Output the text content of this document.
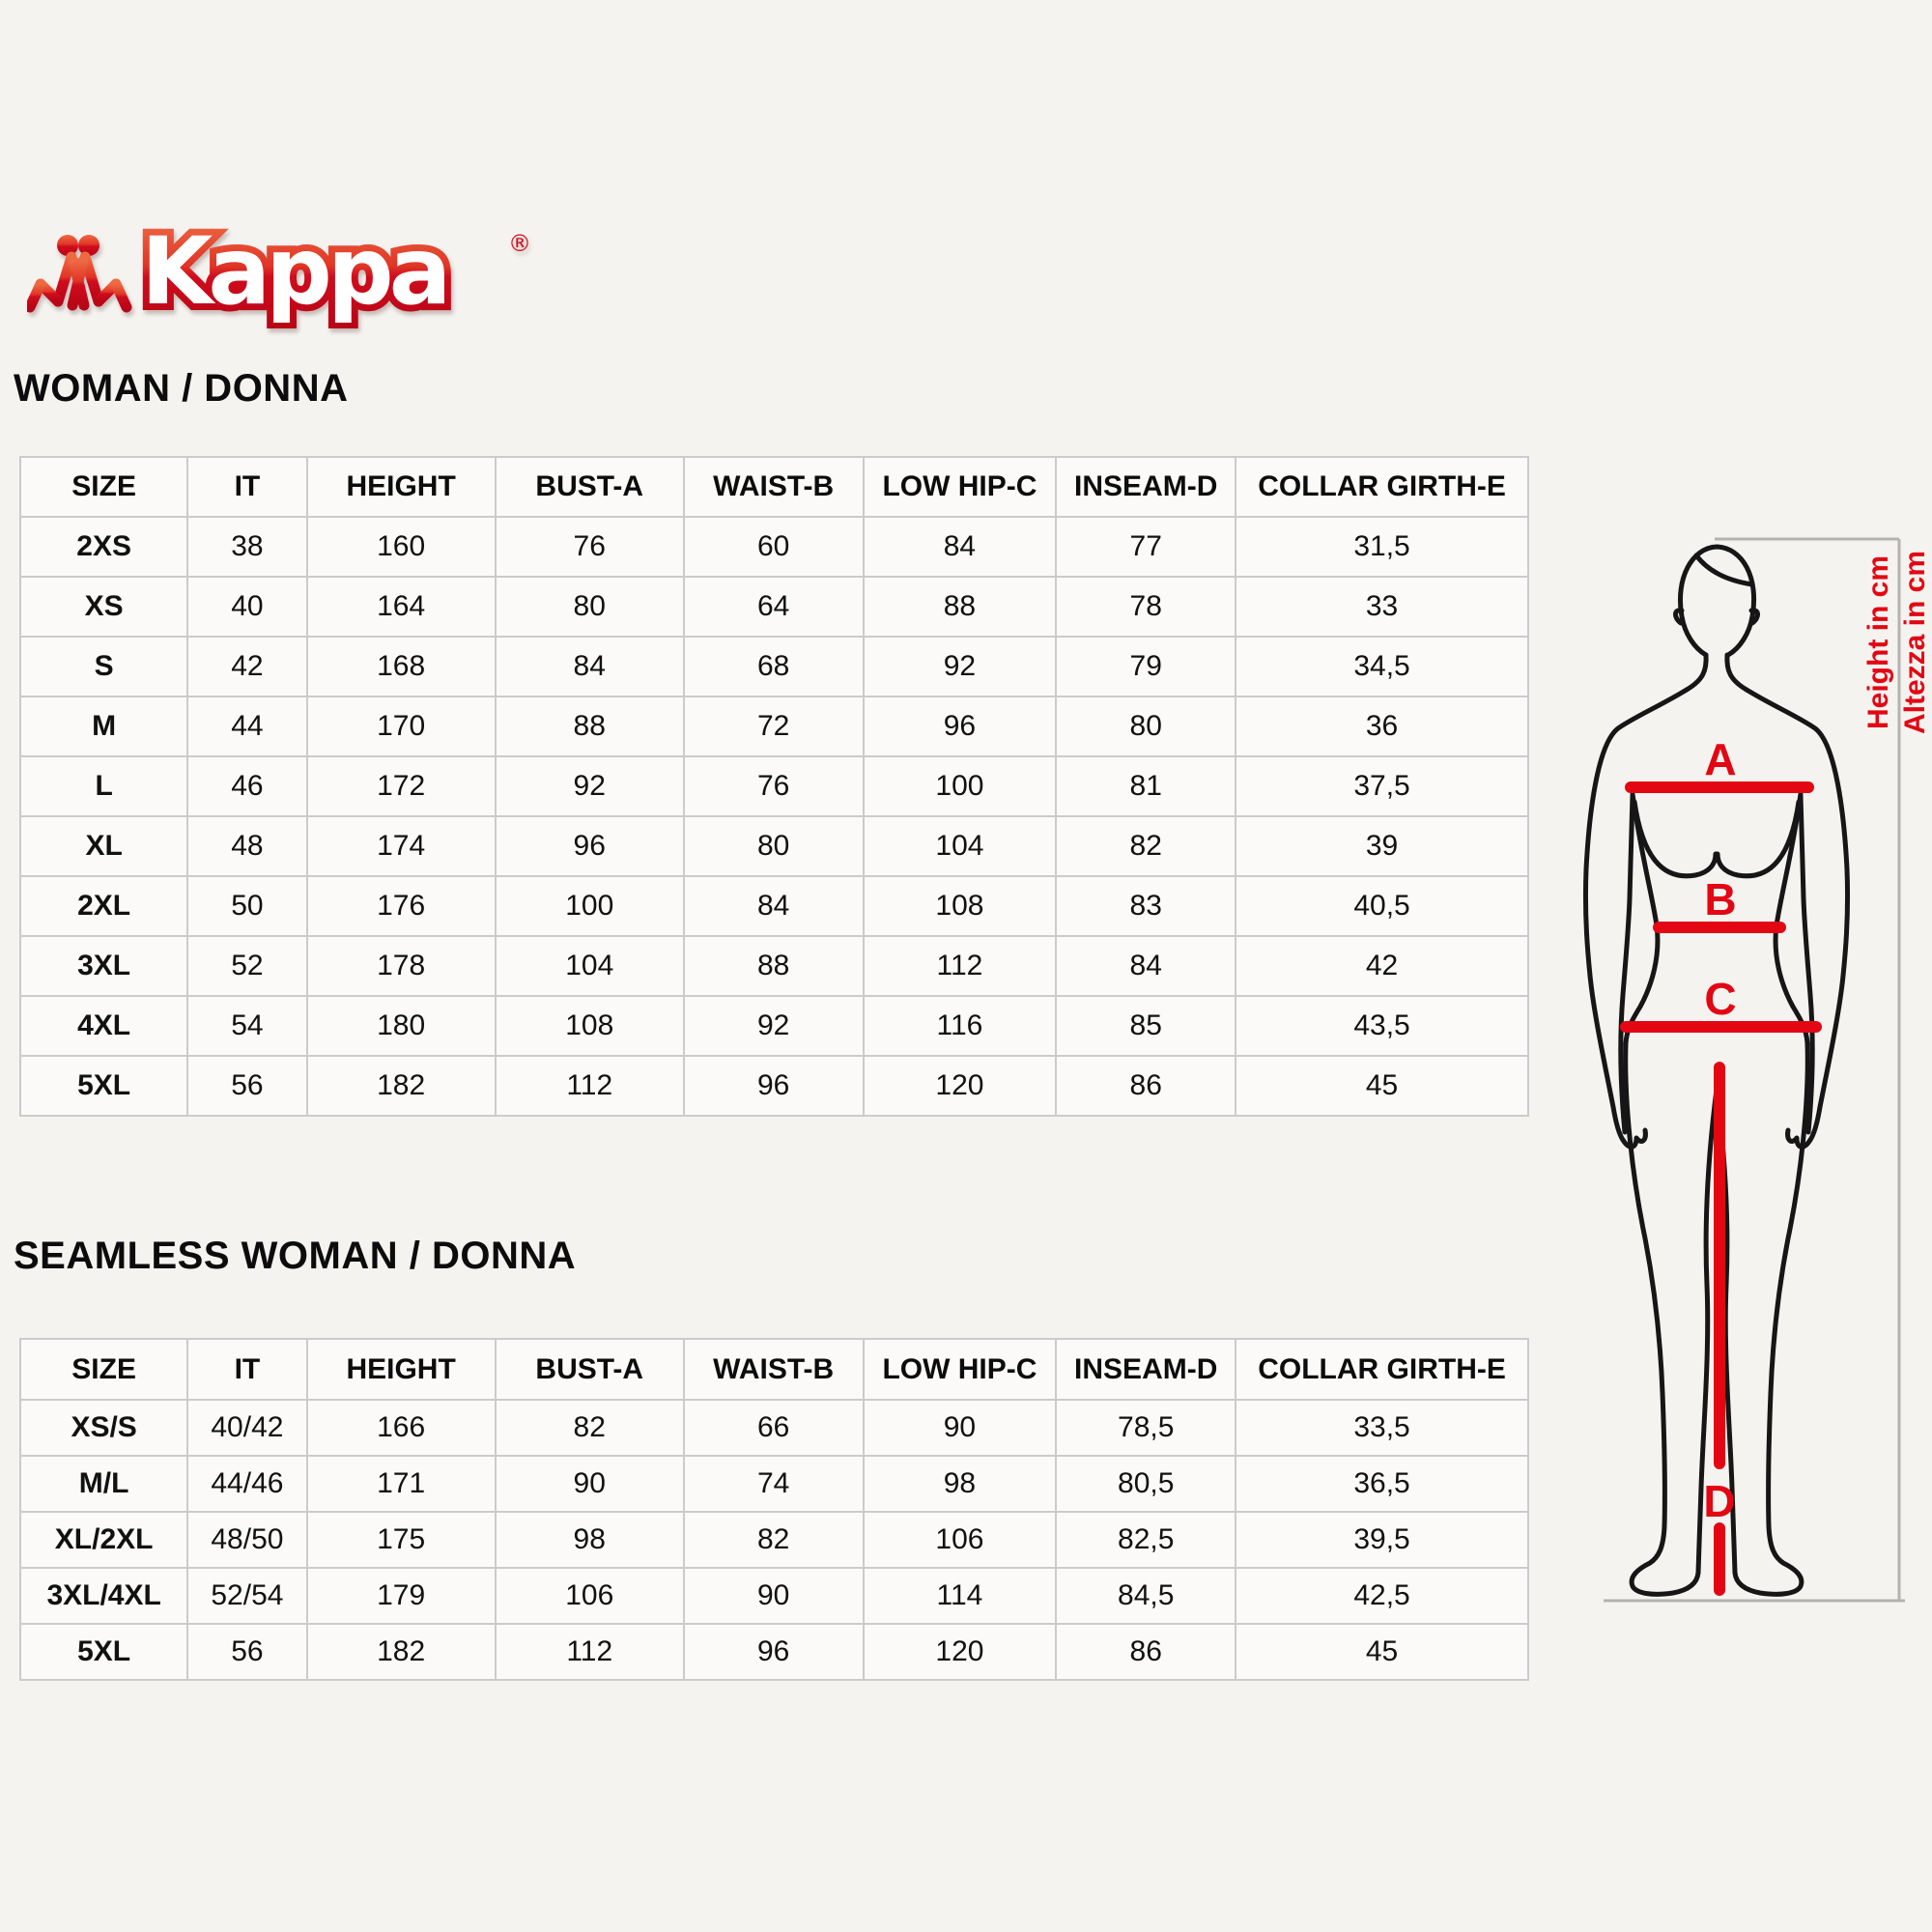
Kappa	®
WOMAN / DONNA
SIZE	IT	HEIGHT	BUST-A	WAIST-B	LOW HIP-C	INSEAM-D	COLLAR GIRTH-E
2XS	38	160	76	60	84	77	31,5
XS	40	164	80	64	88	78	33
S	42	168	84	68	92	79	34,5
M	44	170	88	72	96	80	36
L	46	172	92	76	100	81	37,5
XL	48	174	96	80	104	82	39
2XL	50	176	100	84	108	83	40,5
3XL	52	178	104	88	112	84	42
4XL	54	180	108	92	116	85	43,5
5XL	56	182	112	96	120	86	45
SEAMLESS WOMAN / DONNA
SIZE	IT	HEIGHT	BUST-A	WAIST-B	LOW HIP-C	INSEAM-D	COLLAR GIRTH-E
XS/S	40/42	166	82	66	90	78,5	33,5
M/L	44/46	171	90	74	98	80,5	36,5
XL/2XL	48/50	175	98	82	106	82,5	39,5
3XL/4XL	52/54	179	106	90	114	84,5	42,5
5XL	56	182	112	96	120	86	45
A
B
C
D
Height in cm Altezza in cm
